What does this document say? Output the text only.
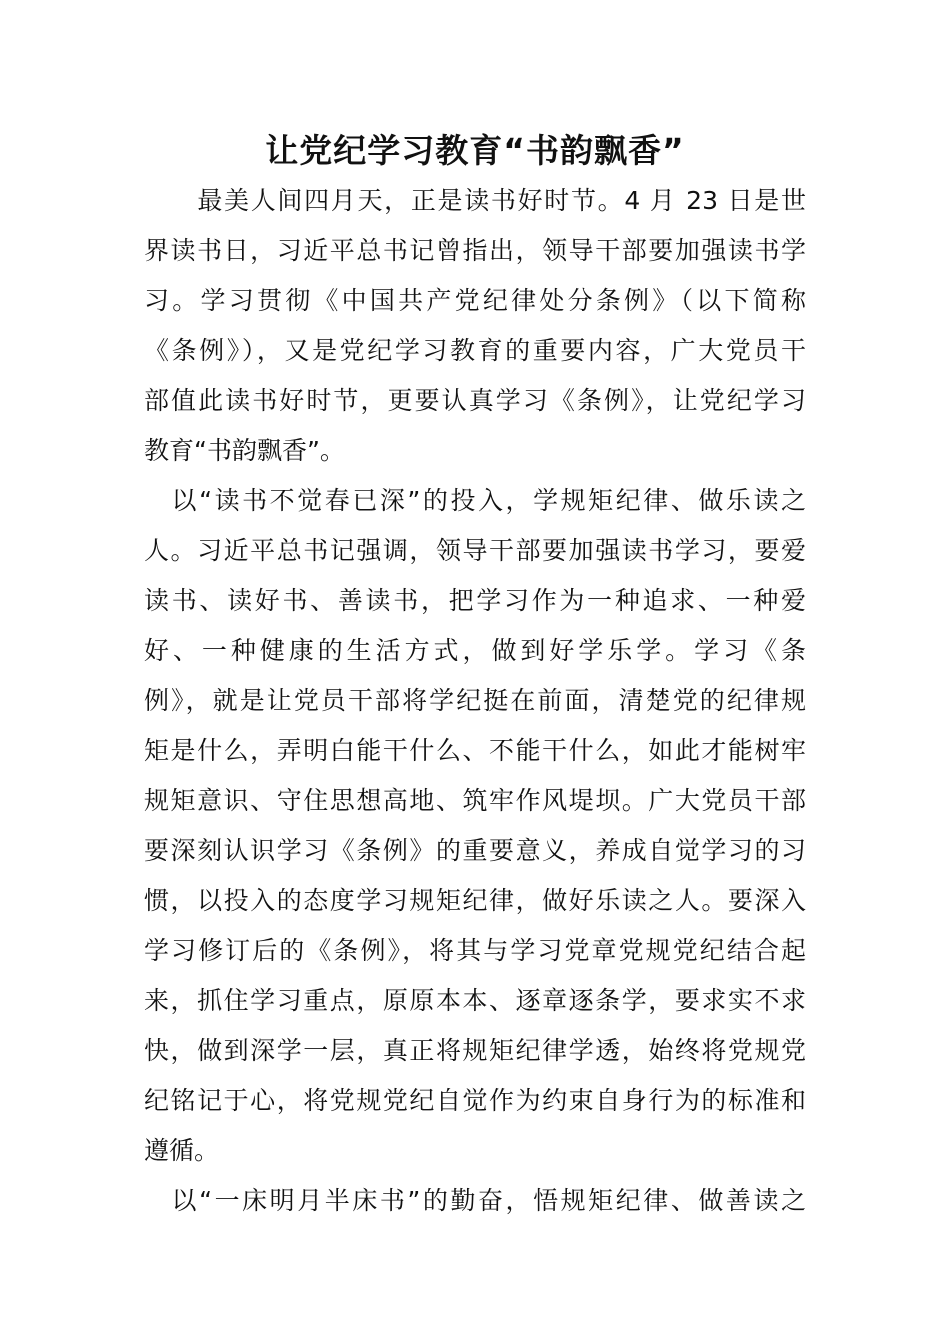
让党纪学习教育“书韵飘香”

　　最美人间四月天，正是读书好时节。4 月 23 日是世

界读书日，习近平总书记曾指出，领导干部要加强读书学

习。学习贯彻《中国共产党纪律处分条例》（以下简称

《条例》），又是党纪学习教育的重要内容，广大党员干

部值此读书好时节，更要认真学习《条例》，让党纪学习

教育“书韵飘香”。

　以“读书不觉春已深”的投入，学规矩纪律、做乐读之

人。习近平总书记强调，领导干部要加强读书学习，要爱

读书、读好书、善读书，把学习作为一种追求、一种爱

好、一种健康的生活方式，做到好学乐学。学习《条

例》，就是让党员干部将学纪挺在前面，清楚党的纪律规

矩是什么，弄明白能干什么、不能干什么，如此才能树牢

规矩意识、守住思想高地、筑牢作风堤坝。广大党员干部

要深刻认识学习《条例》的重要意义，养成自觉学习的习

惯，以投入的态度学习规矩纪律，做好乐读之人。要深入

学习修订后的《条例》，将其与学习党章党规党纪结合起

来，抓住学习重点，原原本本、逐章逐条学，要求实不求

快，做到深学一层，真正将规矩纪律学透，始终将党规党

纪铭记于心，将党规党纪自觉作为约束自身行为的标准和

遵循。

　以“一床明月半床书”的勤奋，悟规矩纪律、做善读之
